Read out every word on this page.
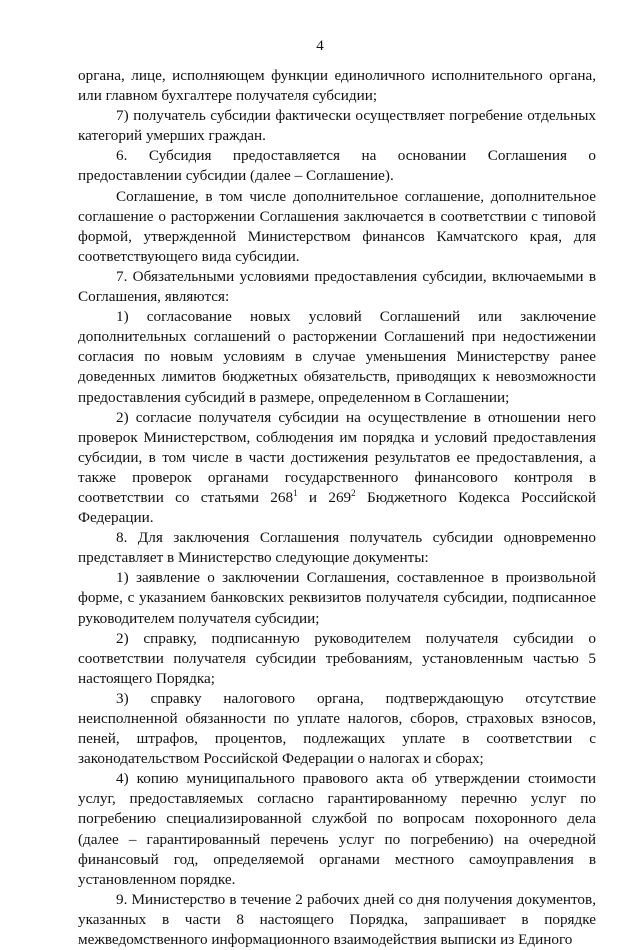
4

органа, лице, исполняющем функции единоличного исполнительного органа, или главном бухгалтере получателя субсидии;

7) получатель субсидии фактически осуществляет погребение отдельных категорий умерших граждан.

6. Субсидия предоставляется на основании Соглашения о предоставлении субсидии (далее – Соглашение).

Соглашение, в том числе дополнительное соглашение, дополнительное соглашение о расторжении Соглашения заключается в соответствии с типовой формой, утвержденной Министерством финансов Камчатского края, для соответствующего вида субсидии.

7. Обязательными условиями предоставления субсидии, включаемыми в Соглашения, являются:

1) согласование новых условий Соглашений или заключение дополнительных соглашений о расторжении Соглашений при недостижении согласия по новым условиям в случае уменьшения Министерству ранее доведенных лимитов бюджетных обязательств, приводящих к невозможности предоставления субсидий в размере, определенном в Соглашении;

2) согласие получателя субсидии на осуществление в отношении него проверок Министерством, соблюдения им порядка и условий предоставления субсидии, в том числе в части достижения результатов ее предоставления, а также проверок органами государственного финансового контроля в соответствии со статьями $268^1$ и $269^2$ Бюджетного Кодекса Российской Федерации.

8. Для заключения Соглашения получатель субсидии одновременно представляет в Министерство следующие документы:

1) заявление о заключении Соглашения, составленное в произвольной форме, с указанием банковских реквизитов получателя субсидии, подписанное руководителем получателя субсидии;

2) справку, подписанную руководителем получателя субсидии о соответствии получателя субсидии требованиям, установленным частью 5 настоящего Порядка;

3) справку налогового органа, подтверждающую отсутствие неисполненной обязанности по уплате налогов, сборов, страховых взносов, пеней, штрафов, процентов, подлежащих уплате в соответствии с законодательством Российской Федерации о налогах и сборах;

4) копию муниципального правового акта об утверждении стоимости услуг, предоставляемых согласно гарантированному перечню услуг по погребению специализированной службой по вопросам похоронного дела (далее – гарантированный перечень услуг по погребению) на очередной финансовый год, определяемой органами местного самоуправления в установленном порядке.

9. Министерство в течение 2 рабочих дней со дня получения документов, указанных в части 8 настоящего Порядка, запрашивает в порядке межведомственного информационного взаимодействия выписки из Единого
